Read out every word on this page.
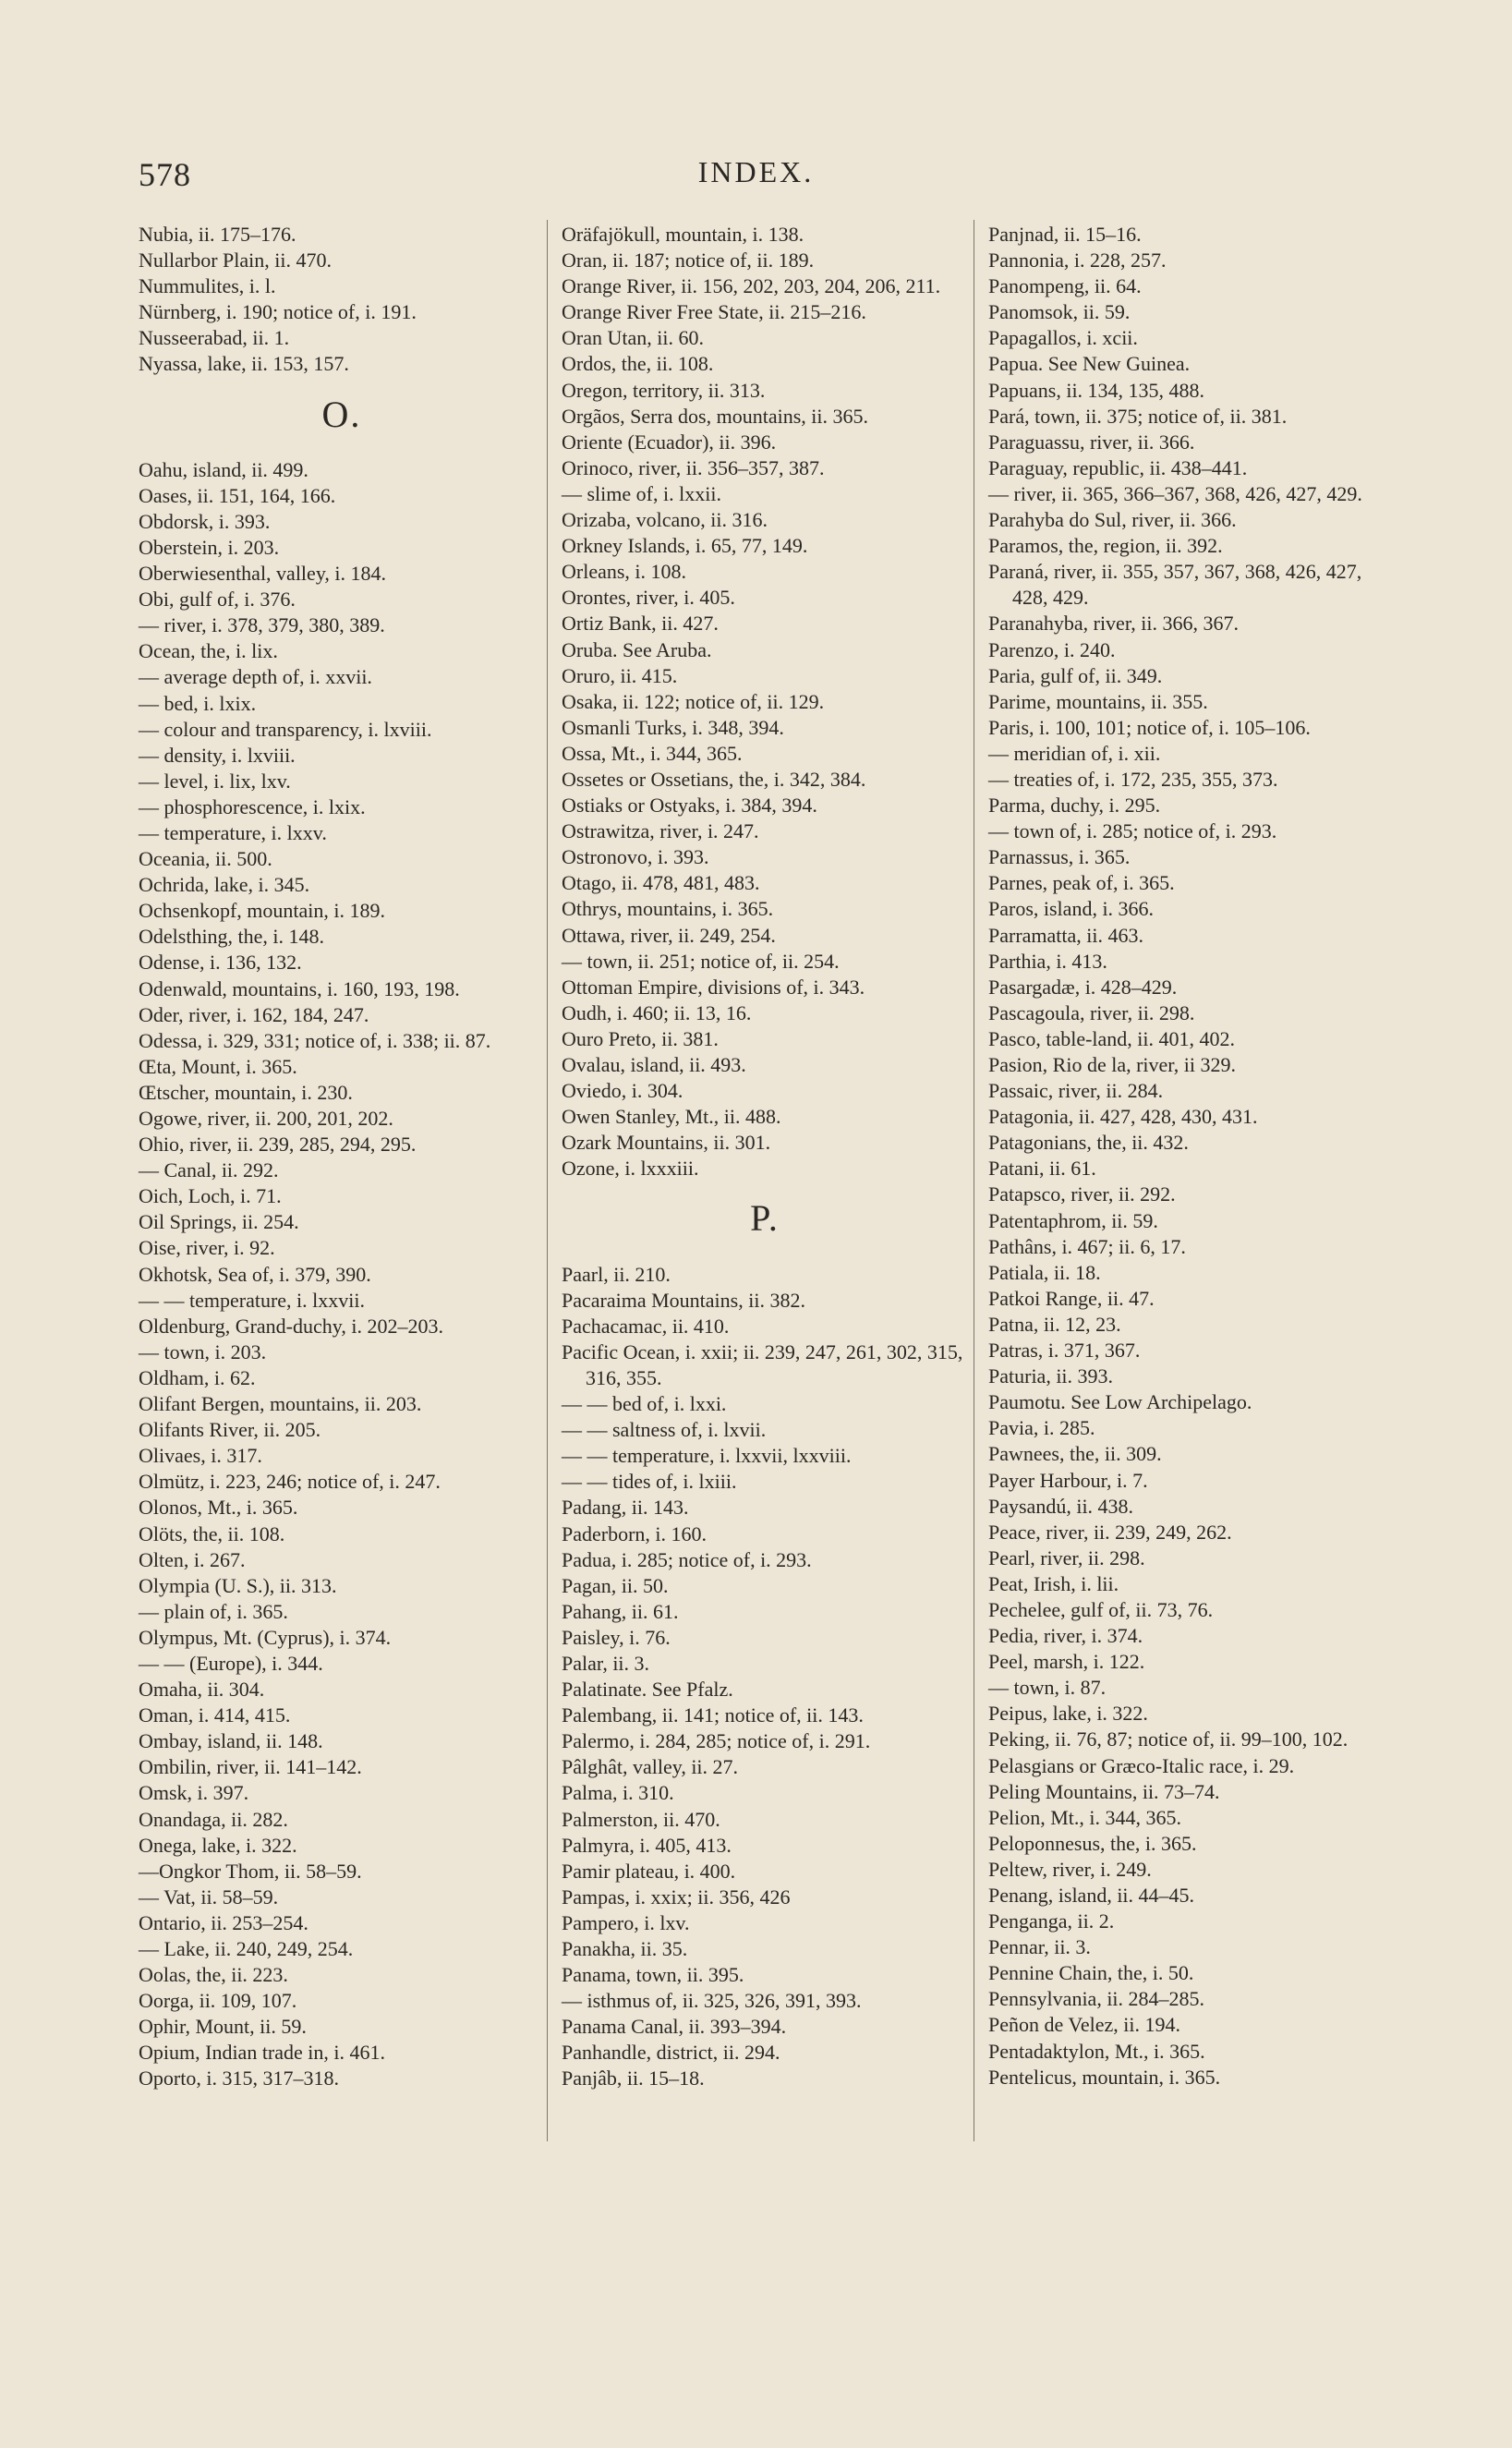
578	INDEX.
Nubia, ii. 175–176.
Nullarbor Plain, ii. 470.
Nummulites, i. l.
Nürnberg, i. 190; notice of, i. 191.
Nusseerabad, ii. 1.
Nyassa, lake, ii. 153, 157.
O.
Oahu, island, ii. 499.
Oases, ii. 151, 164, 166.
Obdorsk, i. 393.
Oberstein, i. 203.
Oberwiesenthal, valley, i. 184.
Obi, gulf of, i. 376.
— river, i. 378, 379, 380, 389.
Ocean, the, i. lix.
— average depth of, i. xxvii.
— bed, i. lxix.
— colour and transparency, i. lxviii.
— density, i. lxviii.
— level, i. lix, lxv.
— phosphorescence, i. lxix.
— temperature, i. lxxv.
Oceania, ii. 500.
Ochrida, lake, i. 345.
Ochsenkopf, mountain, i. 189.
Odelsthing, the, i. 148.
Odense, i. 136, 132.
Odenwald, mountains, i. 160, 193, 198.
Oder, river, i. 162, 184, 247.
Odessa, i. 329, 331; notice of, i. 338; ii. 87.
Œta, Mount, i. 365.
Œtscher, mountain, i. 230.
Ogowe, river, ii. 200, 201, 202.
Ohio, river, ii. 239, 285, 294, 295.
— Canal, ii. 292.
Oich, Loch, i. 71.
Oil Springs, ii. 254.
Oise, river, i. 92.
Okhotsk, Sea of, i. 379, 390.
— — temperature, i. lxxvii.
Oldenburg, Grand-duchy, i. 202–203.
— town, i. 203.
Oldham, i. 62.
Olifant Bergen, mountains, ii. 203.
Olifants River, ii. 205.
Olivaes, i. 317.
Olmütz, i. 223, 246; notice of, i. 247.
Olonos, Mt., i. 365.
Olöts, the, ii. 108.
Olten, i. 267.
Olympia (U. S.), ii. 313.
— plain of, i. 365.
Olympus, Mt. (Cyprus), i. 374.
— — (Europe), i. 344.
Omaha, ii. 304.
Oman, i. 414, 415.
Ombay, island, ii. 148.
Ombilin, river, ii. 141–142.
Omsk, i. 397.
Onandaga, ii. 282.
Onega, lake, i. 322.
—Ongkor Thom, ii. 58–59.
— Vat, ii. 58–59.
Ontario, ii. 253–254.
— Lake, ii. 240, 249, 254.
Oolas, the, ii. 223.
Oorga, ii. 109, 107.
Ophir, Mount, ii. 59.
Opium, Indian trade in, i. 461.
Oporto, i. 315, 317–318.
Oräfajökull, mountain, i. 138.
Oran, ii. 187; notice of, ii. 189.
Orange River, ii. 156, 202, 203, 204, 206, 211.
Orange River Free State, ii. 215–216.
Oran Utan, ii. 60.
Ordos, the, ii. 108.
Oregon, territory, ii. 313.
Orgãos, Serra dos, mountains, ii. 365.
Oriente (Ecuador), ii. 396.
Orinoco, river, ii. 356–357, 387.
— slime of, i. lxxii.
Orizaba, volcano, ii. 316.
Orkney Islands, i. 65, 77, 149.
Orleans, i. 108.
Orontes, river, i. 405.
Ortiz Bank, ii. 427.
Oruba. See Aruba.
Oruro, ii. 415.
Osaka, ii. 122; notice of, ii. 129.
Osmanli Turks, i. 348, 394.
Ossa, Mt., i. 344, 365.
Ossetes or Ossetians, the, i. 342, 384.
Ostiaks or Ostyaks, i. 384, 394.
Ostrawitza, river, i. 247.
Ostronovo, i. 393.
Otago, ii. 478, 481, 483.
Othrys, mountains, i. 365.
Ottawa, river, ii. 249, 254.
— town, ii. 251; notice of, ii. 254.
Ottoman Empire, divisions of, i. 343.
Oudh, i. 460; ii. 13, 16.
Ouro Preto, ii. 381.
Ovalau, island, ii. 493.
Oviedo, i. 304.
Owen Stanley, Mt., ii. 488.
Ozark Mountains, ii. 301.
Ozone, i. lxxxiii.
P.
Paarl, ii. 210.
Pacaraima Mountains, ii. 382.
Pachacamac, ii. 410.
Pacific Ocean, i. xxii; ii. 239, 247, 261, 302, 315, 316, 355.
— — bed of, i. lxxi.
— — saltness of, i. lxvii.
— — temperature, i. lxxvii, lxxviii.
— — tides of, i. lxiii.
Padang, ii. 143.
Paderborn, i. 160.
Padua, i. 285; notice of, i. 293.
Pagan, ii. 50.
Pahang, ii. 61.
Paisley, i. 76.
Palar, ii. 3.
Palatinate. See Pfalz.
Palembang, ii. 141; notice of, ii. 143.
Palermo, i. 284, 285; notice of, i. 291.
Pâlghât, valley, ii. 27.
Palma, i. 310.
Palmerston, ii. 470.
Palmyra, i. 405, 413.
Pamir plateau, i. 400.
Pampas, i. xxix; ii. 356, 426
Pampero, i. lxv.
Panakha, ii. 35.
Panama, town, ii. 395.
— isthmus of, ii. 325, 326, 391, 393.
Panama Canal, ii. 393–394.
Panhandle, district, ii. 294.
Panjâb, ii. 15–18.
Panjnad, ii. 15–16.
Pannonia, i. 228, 257.
Panompeng, ii. 64.
Panomsok, ii. 59.
Papagallos, i. xcii.
Papua. See New Guinea.
Papuans, ii. 134, 135, 488.
Pará, town, ii. 375; notice of, ii. 381.
Paraguassu, river, ii. 366.
Paraguay, republic, ii. 438–441.
— river, ii. 365, 366–367, 368, 426, 427, 429.
Parahyba do Sul, river, ii. 366.
Paramos, the, region, ii. 392.
Paraná, river, ii. 355, 357, 367, 368, 426, 427, 428, 429.
Paranahyba, river, ii. 366, 367.
Parenzo, i. 240.
Paria, gulf of, ii. 349.
Parime, mountains, ii. 355.
Paris, i. 100, 101; notice of, i. 105–106.
— meridian of, i. xii.
— treaties of, i. 172, 235, 355, 373.
Parma, duchy, i. 295.
— town of, i. 285; notice of, i. 293.
Parnassus, i. 365.
Parnes, peak of, i. 365.
Paros, island, i. 366.
Parramatta, ii. 463.
Parthia, i. 413.
Pasargadæ, i. 428–429.
Pascagoula, river, ii. 298.
Pasco, table-land, ii. 401, 402.
Pasion, Rio de la, river, ii 329.
Passaic, river, ii. 284.
Patagonia, ii. 427, 428, 430, 431.
Patagonians, the, ii. 432.
Patani, ii. 61.
Patapsco, river, ii. 292.
Patentaphrom, ii. 59.
Pathâns, i. 467; ii. 6, 17.
Patiala, ii. 18.
Patkoi Range, ii. 47.
Patna, ii. 12, 23.
Patras, i. 371, 367.
Paturia, ii. 393.
Paumotu. See Low Archipelago.
Pavia, i. 285.
Pawnees, the, ii. 309.
Payer Harbour, i. 7.
Paysandú, ii. 438.
Peace, river, ii. 239, 249, 262.
Pearl, river, ii. 298.
Peat, Irish, i. lii.
Pechelee, gulf of, ii. 73, 76.
Pedia, river, i. 374.
Peel, marsh, i. 122.
— town, i. 87.
Peipus, lake, i. 322.
Peking, ii. 76, 87; notice of, ii. 99–100, 102.
Pelasgians or Græco-Italic race, i. 29.
Peling Mountains, ii. 73–74.
Pelion, Mt., i. 344, 365.
Peloponnesus, the, i. 365.
Peltew, river, i. 249.
Penang, island, ii. 44–45.
Penganga, ii. 2.
Pennar, ii. 3.
Pennine Chain, the, i. 50.
Pennsylvania, ii. 284–285.
Peñon de Velez, ii. 194.
Pentadaktylon, Mt., i. 365.
Pentelicus, mountain, i. 365.
